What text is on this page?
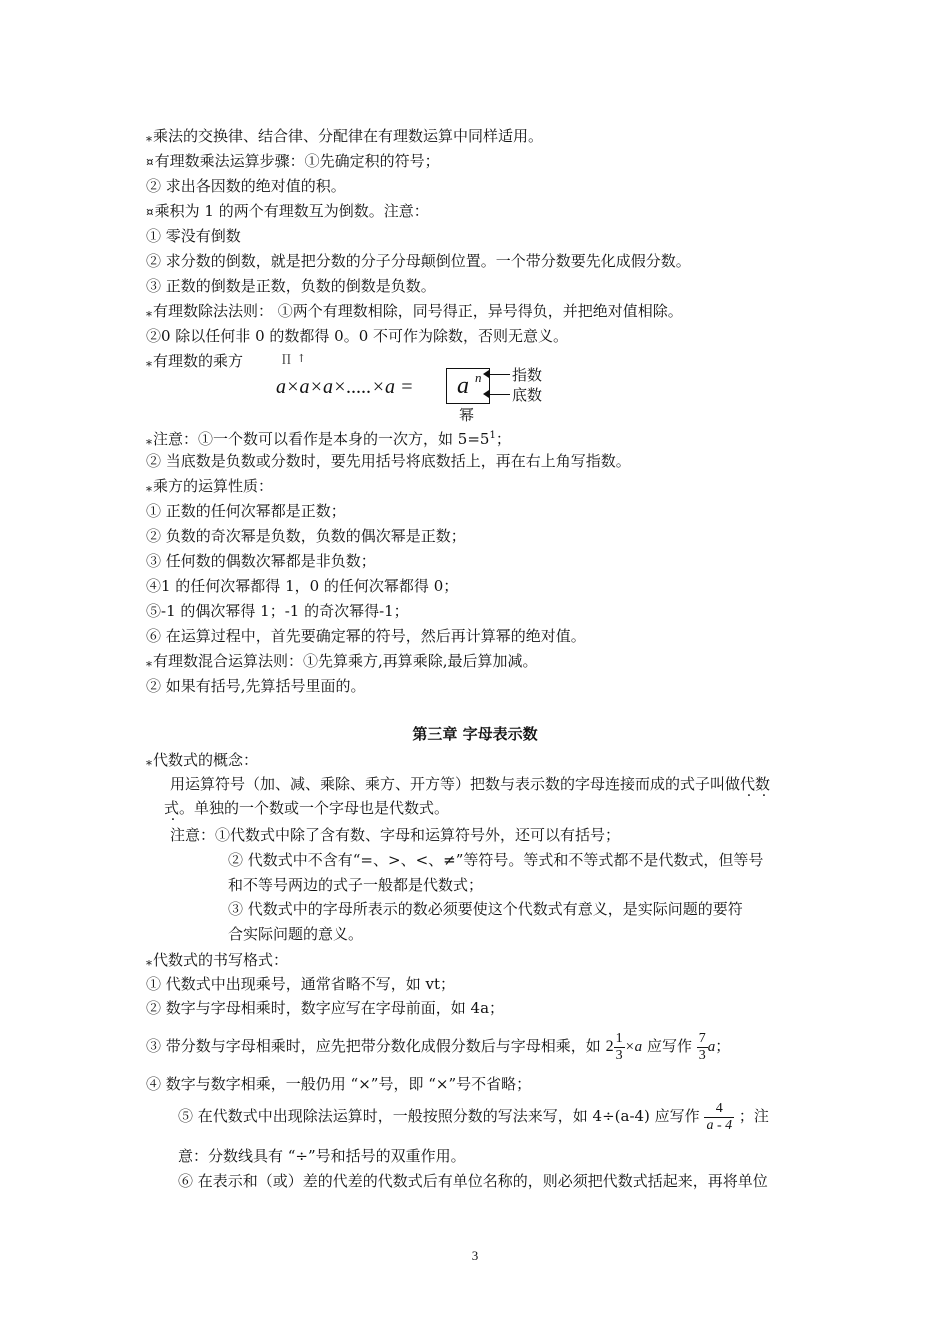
⁎乘法的交换律、结合律、分配律在有理数运算中同样适用。
¤有理数乘法运算步骤：①先确定积的符号；
② 求出各因数的绝对值的积。
¤乘积为 1 的两个有理数互为倒数。注意：
① 零没有倒数
② 求分数的倒数，就是把分数的分子分母颠倒位置。一个带分数要先化成假分数。
③ 正数的倒数是正数，负数的倒数是负数。
⁎有理数除法法则： ①两个有理数相除，同号得正，异号得负，并把绝对值相除。
②0 除以任何非 0 的数都得 0。0 不可作为除数，否则无意义。
⁎有理数的乘方	∏↑
a×a×a×.....×a = a n 指数
底数
幂
⁎注意：①一个数可以看作是本身的一次方，如 $5=5^1$；
② 当底数是负数或分数时，要先用括号将底数括上，再在右上角写指数。
⁎乘方的运算性质：
① 正数的任何次幂都是正数；
② 负数的奇次幂是负数，负数的偶次幂是正数；
③ 任何数的偶数次幂都是非负数；
④1 的任何次幂都得 1，0 的任何次幂都得 0；
⑤-1 的偶次幂得 1；-1 的奇次幂得-1；
⑥ 在运算过程中，首先要确定幂的符号，然后再计算幂的绝对值。
⁎有理数混合运算法则：①先算乘方,再算乘除,最后算加减。
② 如果有括号,先算括号里面的。
第三章 字母表示数
⁎代数式的概念：
用运算符号（加、减、乘除、乘方、开方等）把数与表示数的字母连接而成的式子叫做代数
式。单独的一个数或一个字母也是代数式。
注意：①代数式中除了含有数、字母和运算符号外，还可以有括号；
② 代数式中不含有“=、>、<、≠”等符号。等式和不等式都不是代数式，但等号
和不等号两边的式子一般都是代数式；
③ 代数式中的字母所表示的数必须要使这个代数式有意义，是实际问题的要符
合实际问题的意义。
⁎代数式的书写格式：
① 代数式中出现乘号，通常省略不写，如 vt；
② 数字与字母相乘时，数字应写在字母前面，如 4a；
③ 带分数与字母相乘时，应先把带分数化成假分数后与字母相乘，如 $2 \frac{1}{3} \times a$ 应写作 $\frac{7}{3}$ a；
④ 数字与数字相乘，一般仍用 “×”号，即 “×”号不省略；
⑤ 在代数式中出现除法运算时，一般按照分数的写法来写，如 4÷(a-4) 应写作 $\frac{4}{a - 4}$ ；注
意：分数线具有 “÷”号和括号的双重作用。
⑥ 在表示和（或）差的代差的代数式后有单位名称的，则必须把代数式括起来，再将单位
3
